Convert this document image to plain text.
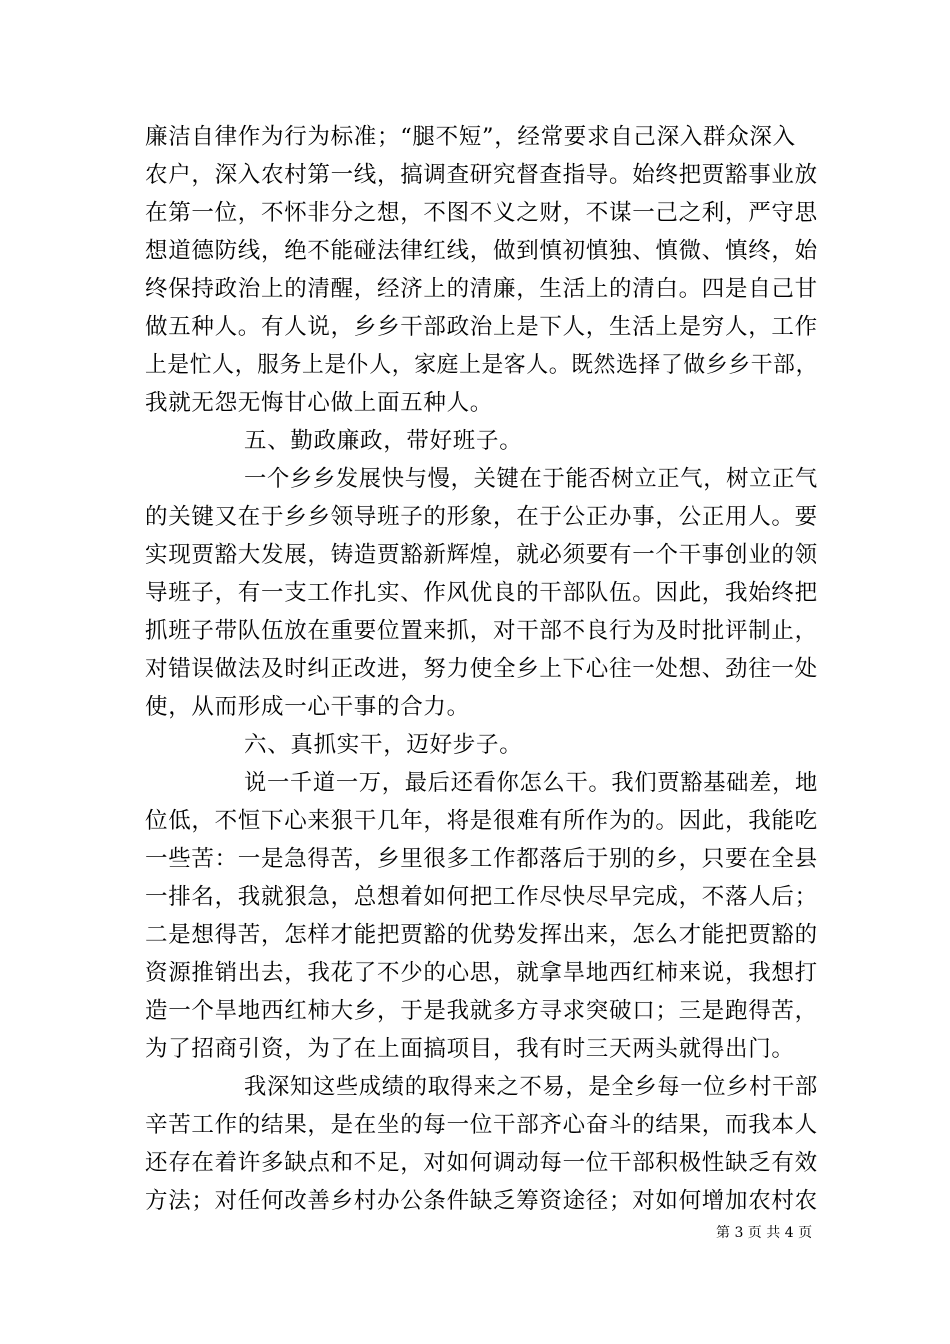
廉洁自律作为行为标准；“腿不短”，经常要求自己深入群众深入
农户，深入农村第一线，搞调查研究督查指导。始终把贾豁事业放
在第一位，不怀非分之想，不图不义之财，不谋一己之利，严守思
想道德防线，绝不能碰法律红线，做到慎初慎独、慎微、慎终，始
终保持政治上的清醒，经济上的清廉，生活上的清白。四是自己甘
做五种人。有人说，乡乡干部政治上是下人，生活上是穷人，工作
上是忙人，服务上是仆人，家庭上是客人。既然选择了做乡乡干部，
我就无怨无悔甘心做上面五种人。
五、勤政廉政，带好班子。
一个乡乡发展快与慢，关键在于能否树立正气，树立正气
的关键又在于乡乡领导班子的形象，在于公正办事，公正用人。要
实现贾豁大发展，铸造贾豁新辉煌，就必须要有一个干事创业的领
导班子，有一支工作扎实、作风优良的干部队伍。因此，我始终把
抓班子带队伍放在重要位置来抓，对干部不良行为及时批评制止，
对错误做法及时纠正改进，努力使全乡上下心往一处想、劲往一处
使，从而形成一心干事的合力。
六、真抓实干，迈好步子。
说一千道一万，最后还看你怎么干。我们贾豁基础差，地
位低，不恒下心来狠干几年，将是很难有所作为的。因此，我能吃
一些苦：一是急得苦，乡里很多工作都落后于别的乡，只要在全县
一排名，我就狠急，总想着如何把工作尽快尽早完成，不落人后；
二是想得苦，怎样才能把贾豁的优势发挥出来，怎么才能把贾豁的
资源推销出去，我花了不少的心思，就拿旱地西红柿来说，我想打
造一个旱地西红柿大乡，于是我就多方寻求突破口；三是跑得苦，
为了招商引资，为了在上面搞项目，我有时三天两头就得出门。
我深知这些成绩的取得来之不易，是全乡每一位乡村干部
辛苦工作的结果，是在坐的每一位干部齐心奋斗的结果，而我本人
还存在着许多缺点和不足，对如何调动每一位干部积极性缺乏有效
方法；对任何改善乡村办公条件缺乏筹资途径；对如何增加农村农
第 3 页 共 4 页
